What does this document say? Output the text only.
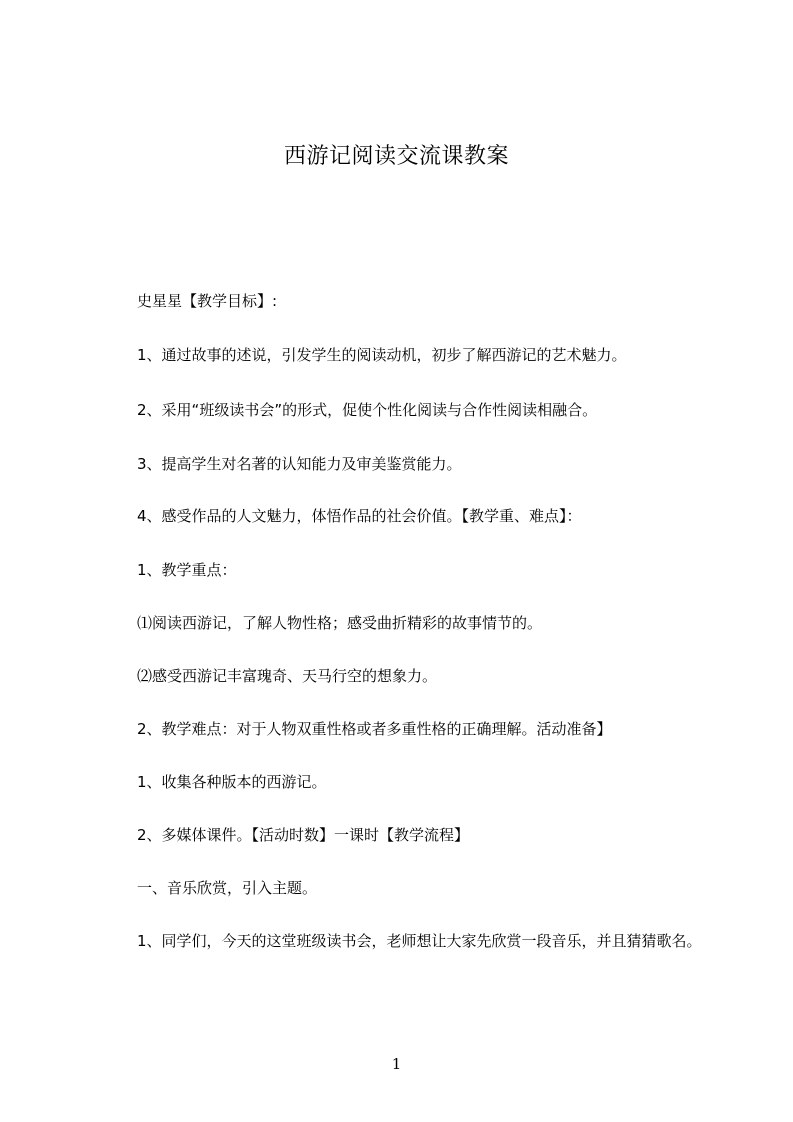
西游记阅读交流课教案
史星星【教学目标】:
1、通过故事的述说，引发学生的阅读动机，初步了解西游记的艺术魅力。
2、采用“班级读书会”的形式，促使个性化阅读与合作性阅读相融合。
3、提高学生对名著的认知能力及审美鉴赏能力。
4、感受作品的人文魅力，体悟作品的社会价值。【教学重、难点】：
1、教学重点：
⑴阅读西游记，了解人物性格；感受曲折精彩的故事情节的。
⑵感受西游记丰富瑰奇、天马行空的想象力。
2、教学难点：对于人物双重性格或者多重性格的正确理解。活动准备】
1、收集各种版本的西游记。
2、多媒体课件。【活动时数】一课时【教学流程】
一、音乐欣赏，引入主题。
1、同学们，今天的这堂班级读书会，老师想让大家先欣赏一段音乐，并且猜猜歌名。
1
